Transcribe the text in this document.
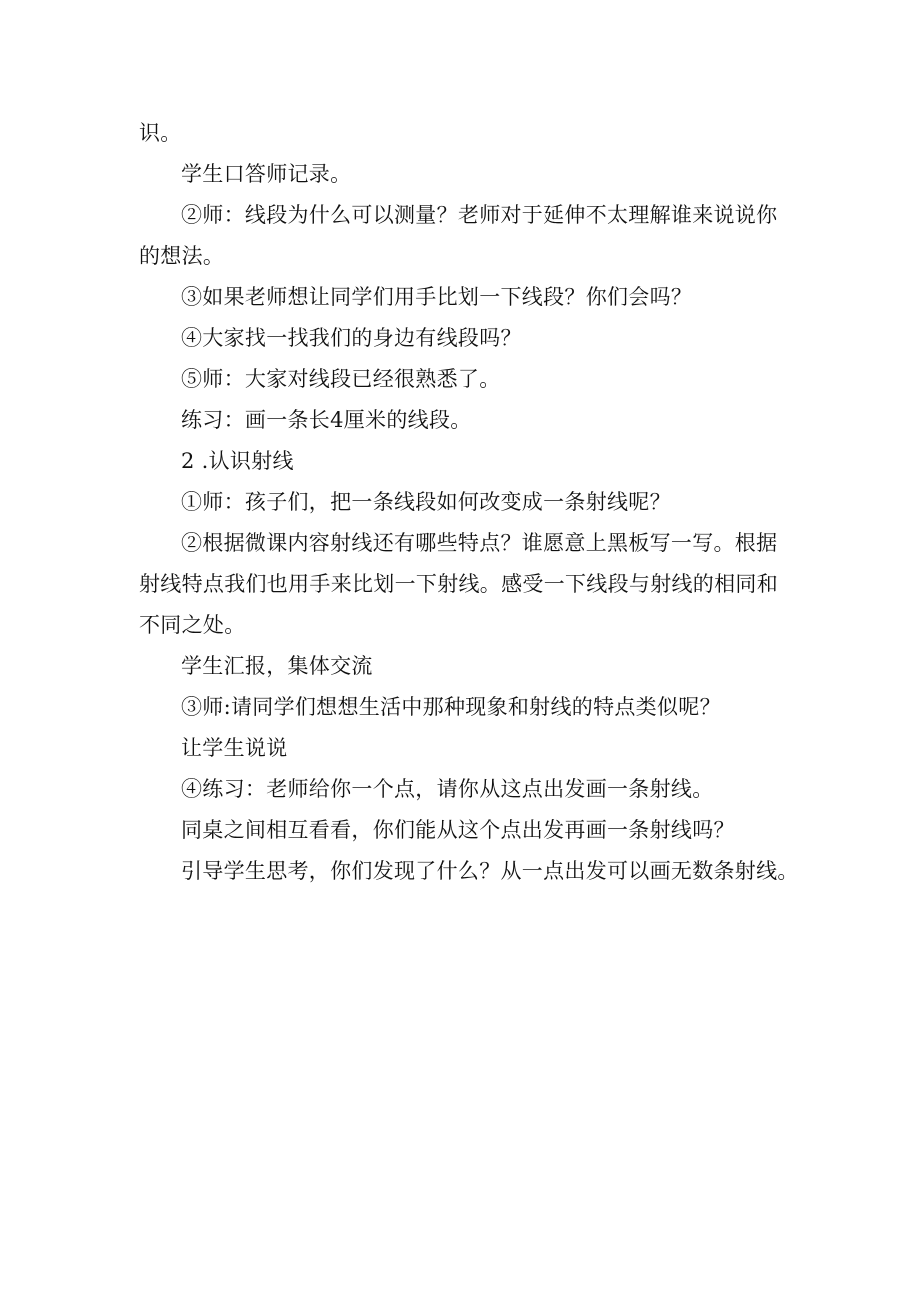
识。
学生口答师记录。
②师：线段为什么可以测量？老师对于延伸不太理解谁来说说你
的想法。
③如果老师想让同学们用手比划一下线段？你们会吗？
④大家找一找我们的身边有线段吗？
⑤师：大家对线段已经很熟悉了。
练习：画一条长4厘米的线段。
2 .认识射线
①师：孩子们，把一条线段如何改变成一条射线呢？
②根据微课内容射线还有哪些特点？谁愿意上黑板写一写。根据
射线特点我们也用手来比划一下射线。感受一下线段与射线的相同和
不同之处。
学生汇报，集体交流
③师:请同学们想想生活中那种现象和射线的特点类似呢？
让学生说说
④练习：老师给你一个点，请你从这点出发画一条射线。
同桌之间相互看看，你们能从这个点出发再画一条射线吗？
引导学生思考，你们发现了什么？从一点出发可以画无数条射线。
